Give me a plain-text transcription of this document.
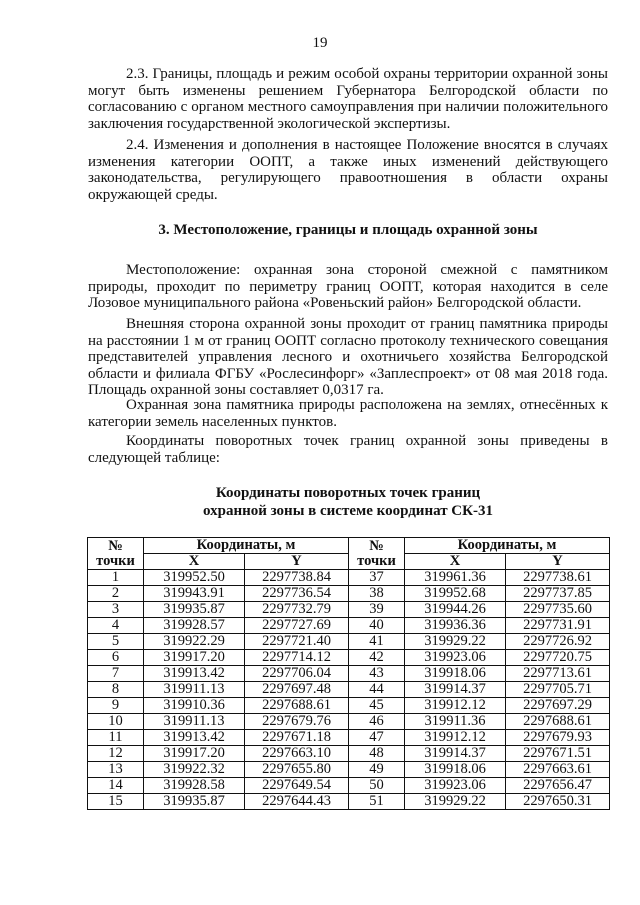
19

2.3. Границы, площадь и режим особой охраны территории охранной зоны могут быть изменены решением Губернатора Белгородской области по согласованию с органом местного самоуправления при наличии положительного заключения государственной экологической экспертизы.

2.4. Изменения и дополнения в настоящее Положение вносятся в случаях изменения категории ООПТ, а также иных изменений действующего законодательства, регулирующего правоотношения в области охраны окружающей среды.

3. Местоположение, границы и площадь охранной зоны

Местоположение: охранная зона стороной смежной с памятником природы, проходит по периметру границ ООПТ, которая находится в селе Лозовое муниципального района «Ровеньский район» Белгородской области.

Внешняя сторона охранной зоны проходит от границ памятника природы на расстоянии 1 м от границ ООПТ согласно протоколу технического совещания представителей управления лесного и охотничьего хозяйства Белгородской области и филиала ФГБУ «Рослесинфорг» «Заплеспроект» от 08 мая 2018 года. Площадь охранной зоны составляет 0,0317 га.

Охранная зона памятника природы расположена на землях, отнесённых к категории земель населенных пунктов.

Координаты поворотных точек границ охранной зоны приведены в следующей таблице:

Координаты поворотных точек границ
охранной зоны в системе координат СК-31
№
точки	Координаты, м		№
точки	Координаты, м	
	X	Y		X	Y
1	319952.50	2297738.84	37	319961.36	2297738.61
2	319943.91	2297736.54	38	319952.68	2297737.85
3	319935.87	2297732.79	39	319944.26	2297735.60
4	319928.57	2297727.69	40	319936.36	2297731.91
5	319922.29	2297721.40	41	319929.22	2297726.92
6	319917.20	2297714.12	42	319923.06	2297720.75
7	319913.42	2297706.04	43	319918.06	2297713.61
8	319911.13	2297697.48	44	319914.37	2297705.71
9	319910.36	2297688.61	45	319912.12	2297697.29
10	319911.13	2297679.76	46	319911.36	2297688.61
11	319913.42	2297671.18	47	319912.12	2297679.93
12	319917.20	2297663.10	48	319914.37	2297671.51
13	319922.32	2297655.80	49	319918.06	2297663.61
14	319928.58	2297649.54	50	319923.06	2297656.47
15	319935.87	2297644.43	51	319929.22	2297650.31
